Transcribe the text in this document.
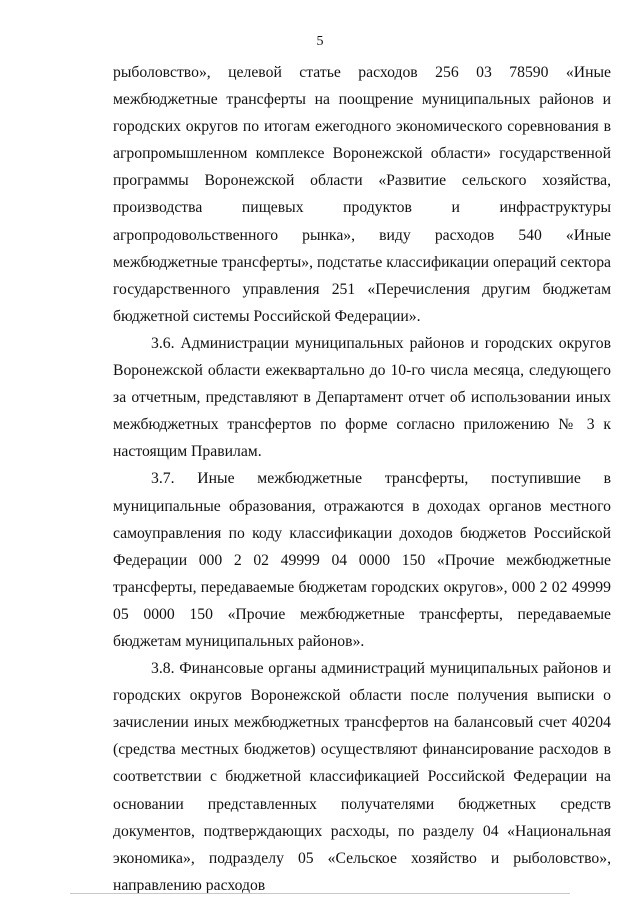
5

рыболовство», целевой статье расходов 256 03 78590 «Иные межбюджетные трансферты на поощрение муниципальных районов и городских округов по итогам ежегодного экономического соревнования в агропромышленном комплексе Воронежской области» государственной программы Воронежской области «Развитие сельского хозяйства, производства пищевых продуктов и инфраструктуры агропродовольственного рынка», виду расходов 540 «Иные межбюджетные трансферты», подстатье классификации операций сектора государственного управления 251 «Перечисления другим бюджетам бюджетной системы Российской Федерации».

3.6. Администрации муниципальных районов и городских округов Воронежской области ежеквартально до 10-го числа месяца, следующего за отчетным, представляют в Департамент отчет об использовании иных межбюджетных трансфертов по форме согласно приложению № 3 к настоящим Правилам.

3.7. Иные межбюджетные трансферты, поступившие в муниципальные образования, отражаются в доходах органов местного самоуправления по коду классификации доходов бюджетов Российской Федерации 000 2 02 49999 04 0000 150 «Прочие межбюджетные трансферты, передаваемые бюджетам городских округов», 000 2 02 49999 05 0000 150 «Прочие межбюджетные трансферты, передаваемые бюджетам муниципальных районов».

3.8. Финансовые органы администраций муниципальных районов и городских округов Воронежской области после получения выписки о зачислении иных межбюджетных трансфертов на балансовый счет 40204 (средства местных бюджетов) осуществляют финансирование расходов в соответствии с бюджетной классификацией Российской Федерации на основании представленных получателями бюджетных средств документов, подтверждающих расходы, по разделу 04 «Национальная экономика», подразделу 05 «Сельское хозяйство и рыболовство», направлению расходов
